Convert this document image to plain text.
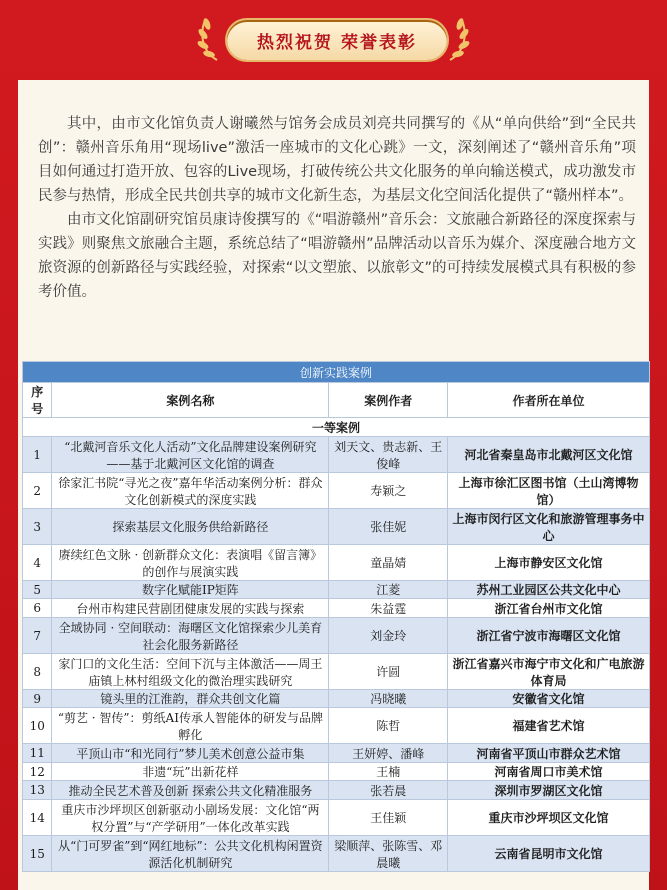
热烈祝贺 荣誉表彰

其中，由市文化馆负责人谢曦然与馆务会成员刘亮共同撰写的《从“单向供给”到“全民共创”：赣州音乐角用“现场live”激活一座城市的文化心跳》一文，深刻阐述了“赣州音乐角”项目如何通过打造开放、包容的Live现场，打破传统公共文化服务的单向输送模式，成功激发市民参与热情，形成全民共创共享的城市文化新生态，为基层文化空间活化提供了“赣州样本”。

由市文化馆副研究馆员康诗俊撰写的《“唱游赣州”音乐会：文旅融合新路径的深度探索与实践》则聚焦文旅融合主题，系统总结了“唱游赣州”品牌活动以音乐为媒介、深度融合地方文旅资源的创新路径与实践经验，对探索“以文塑旅、以旅彰文”的可持续发展模式具有积极的参考价值。

创新实践案例			
序号	案例名称	案例作者	作者所在单位
一等案例			
1	“北戴河音乐文化人活动”文化品牌建设案例研究——基于北戴河区文化馆的调查	刘天文、贵志新、王俊峰	河北省秦皇岛市北戴河区文化馆
2	徐家汇书院“寻光之夜”嘉年华活动案例分析：群众文化创新模式的深度实践	寿颖之	上海市徐汇区图书馆（土山湾博物馆）
3	探索基层文化服务供给新路径	张佳妮	上海市闵行区文化和旅游管理事务中心
4	赓续红色文脉 · 创新群众文化：表演唱《留言簿》的创作与展演实践	童晶婧	上海市静安区文化馆
5	数字化赋能IP矩阵	江菱	苏州工业园区公共文化中心
6	台州市构建民营剧团健康发展的实践与探索	朱益霆	浙江省台州市文化馆
7	全域协同 · 空间联动：海曙区文化馆探索少儿美育社会化服务新路径	刘金玲	浙江省宁波市海曙区文化馆
8	家门口的文化生活：空间下沉与主体激活——周王庙镇上林村组级文化的微治理实践研究	许圆	浙江省嘉兴市海宁市文化和广电旅游体育局
9	镜头里的江淮韵，群众共创文化篇	冯晓曦	安徽省文化馆
10	“剪艺 · 智传”：剪纸AI传承人智能体的研发与品牌孵化	陈哲	福建省艺术馆
11	平顶山市“和光同行”梦儿美术创意公益市集	王妍婷、潘峰	河南省平顶山市群众艺术馆
12	非遗“玩”出新花样	王楠	河南省周口市美术馆
13	推动全民艺术普及创新 探索公共文化精准服务	张若晨	深圳市罗湖区文化馆
14	重庆市沙坪坝区创新驱动小剧场发展：文化馆“两权分置”与“产学研用”一体化改革实践	王佳颖	重庆市沙坪坝区文化馆
15	从“门可罗雀”到“网红地标”：公共文化机构闲置资源活化机制研究	梁顺萍、张陈雪、邓晨曦	云南省昆明市文化馆
